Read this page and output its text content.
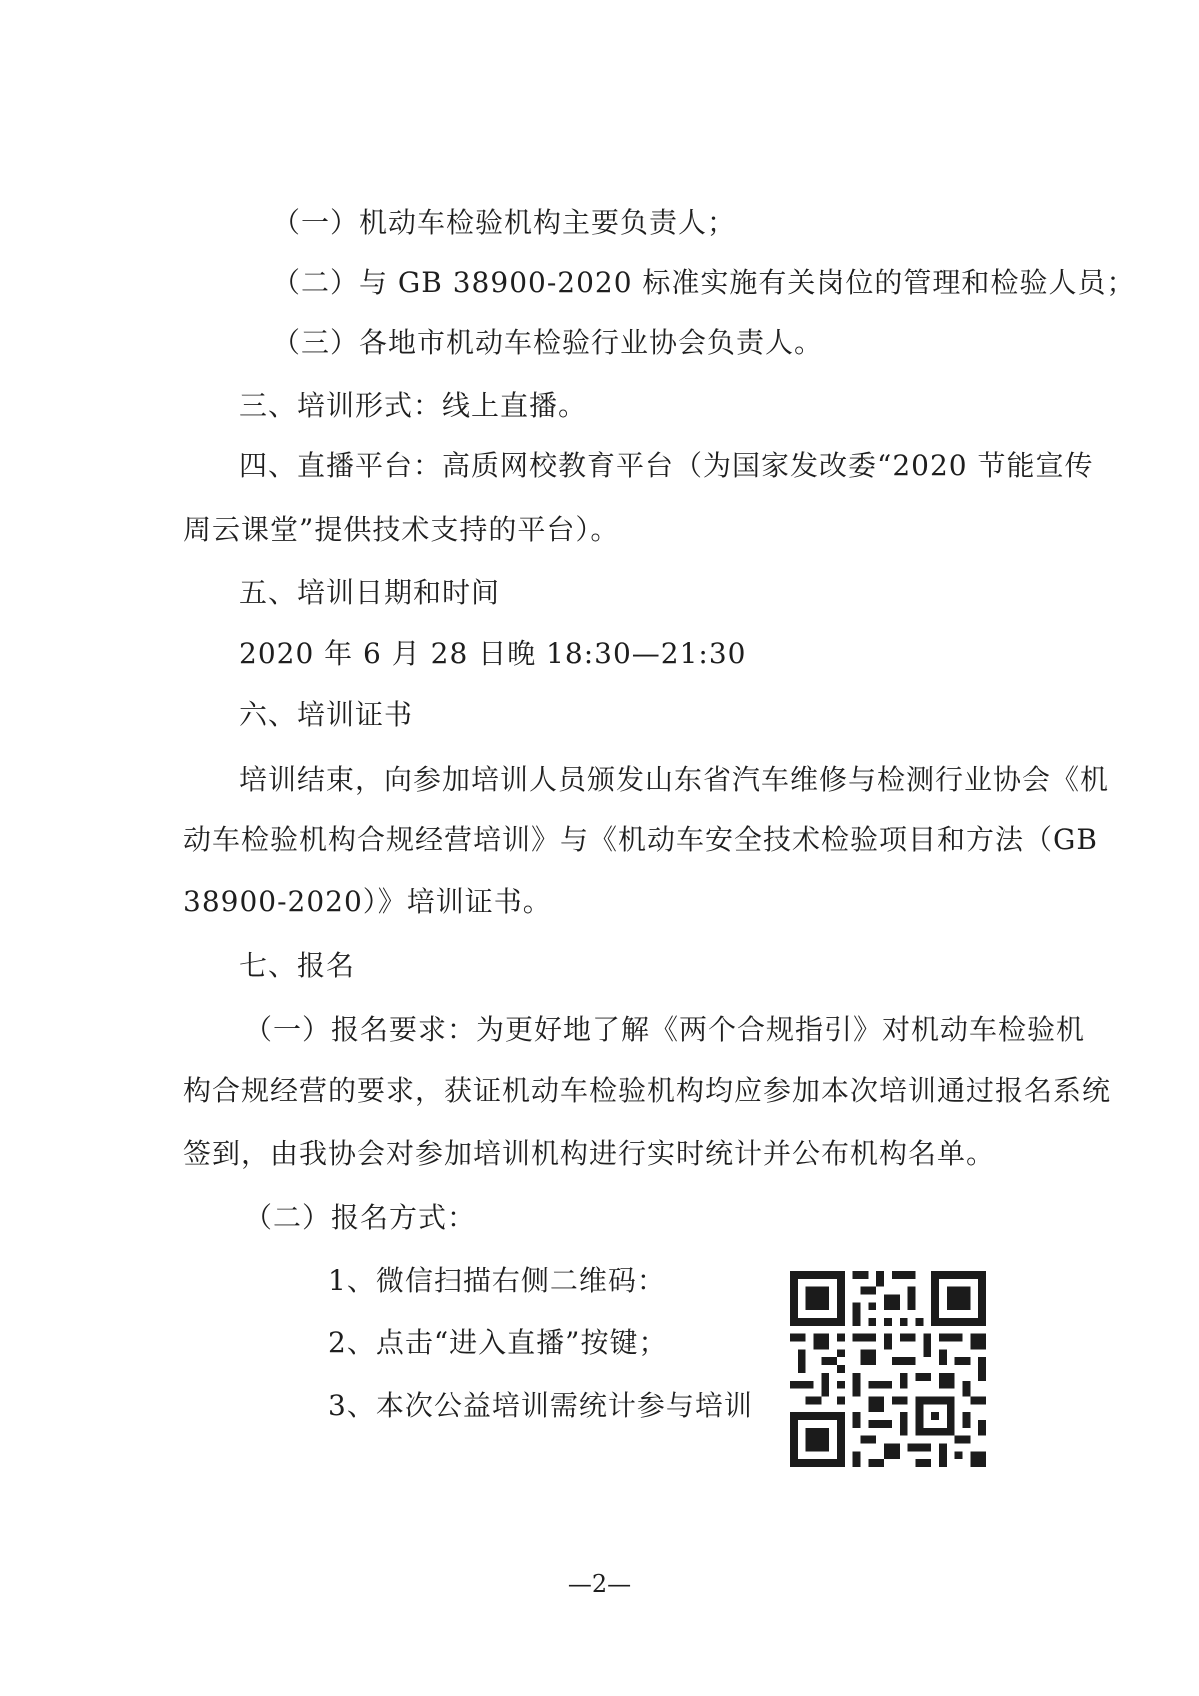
（一）机动车检验机构主要负责人；
（二）与 GB 38900-2020 标准实施有关岗位的管理和检验人员；
（三）各地市机动车检验行业协会负责人。
三、培训形式：线上直播。
四、直播平台：高质网校教育平台（为国家发改委“2020 节能宣传
周云课堂”提供技术支持的平台）。
五、培训日期和时间
2020 年 6 月 28 日晚 18:30—21:30
六、培训证书
培训结束，向参加培训人员颁发山东省汽车维修与检测行业协会《机
动车检验机构合规经营培训》与《机动车安全技术检验项目和方法（GB
38900-2020）》培训证书。
七、报名
（一）报名要求：为更好地了解《两个合规指引》对机动车检验机
构合规经营的要求，获证机动车检验机构均应参加本次培训通过报名系统
签到，由我协会对参加培训机构进行实时统计并公布机构名单。
（二）报名方式：
1、微信扫描右侧二维码：
2、点击“进入直播”按键；
3、本次公益培训需统计参与培训
—2—
